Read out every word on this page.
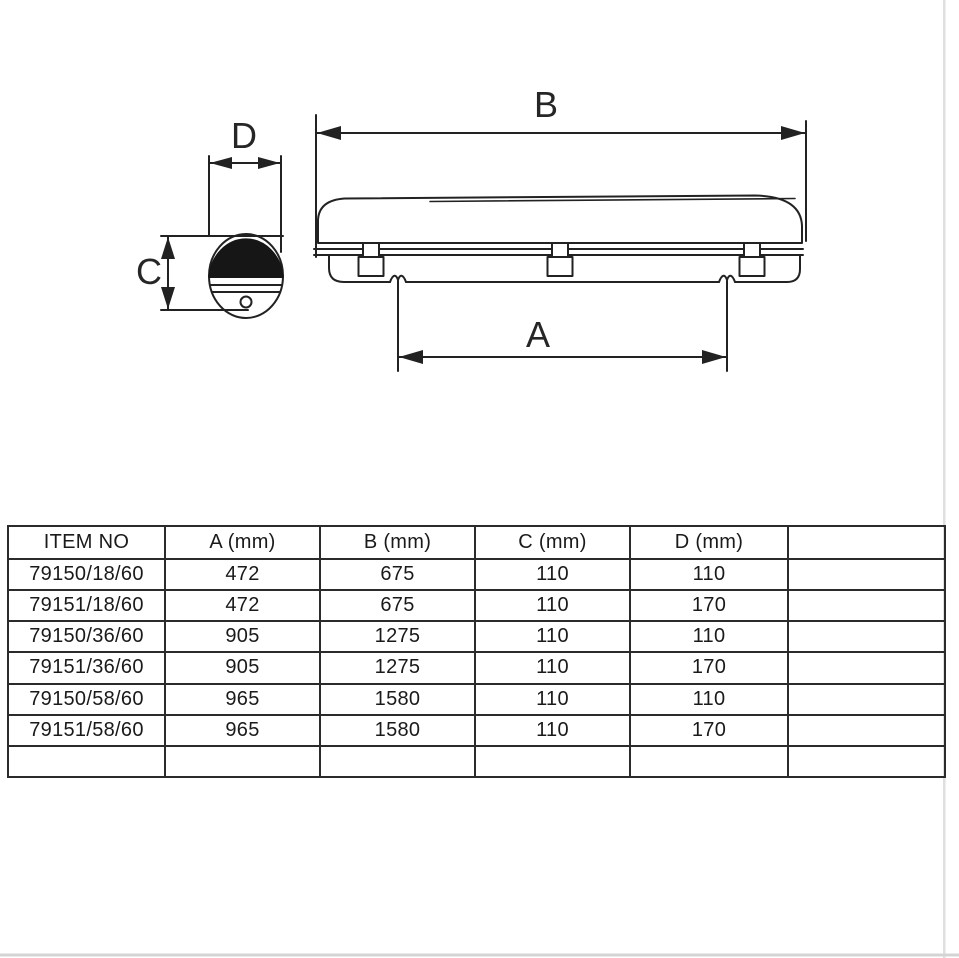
B
A
D
C
ITEM NO	A (mm)	B (mm)	C (mm)	D (mm)	
79150/18/60	472	675	110	110	
79151/18/60	472	675	110	170	
79150/36/60	905	1275	110	110	
79151/36/60	905	1275	110	170	
79150/58/60	965	1580	110	110	
79151/58/60	965	1580	110	170	
